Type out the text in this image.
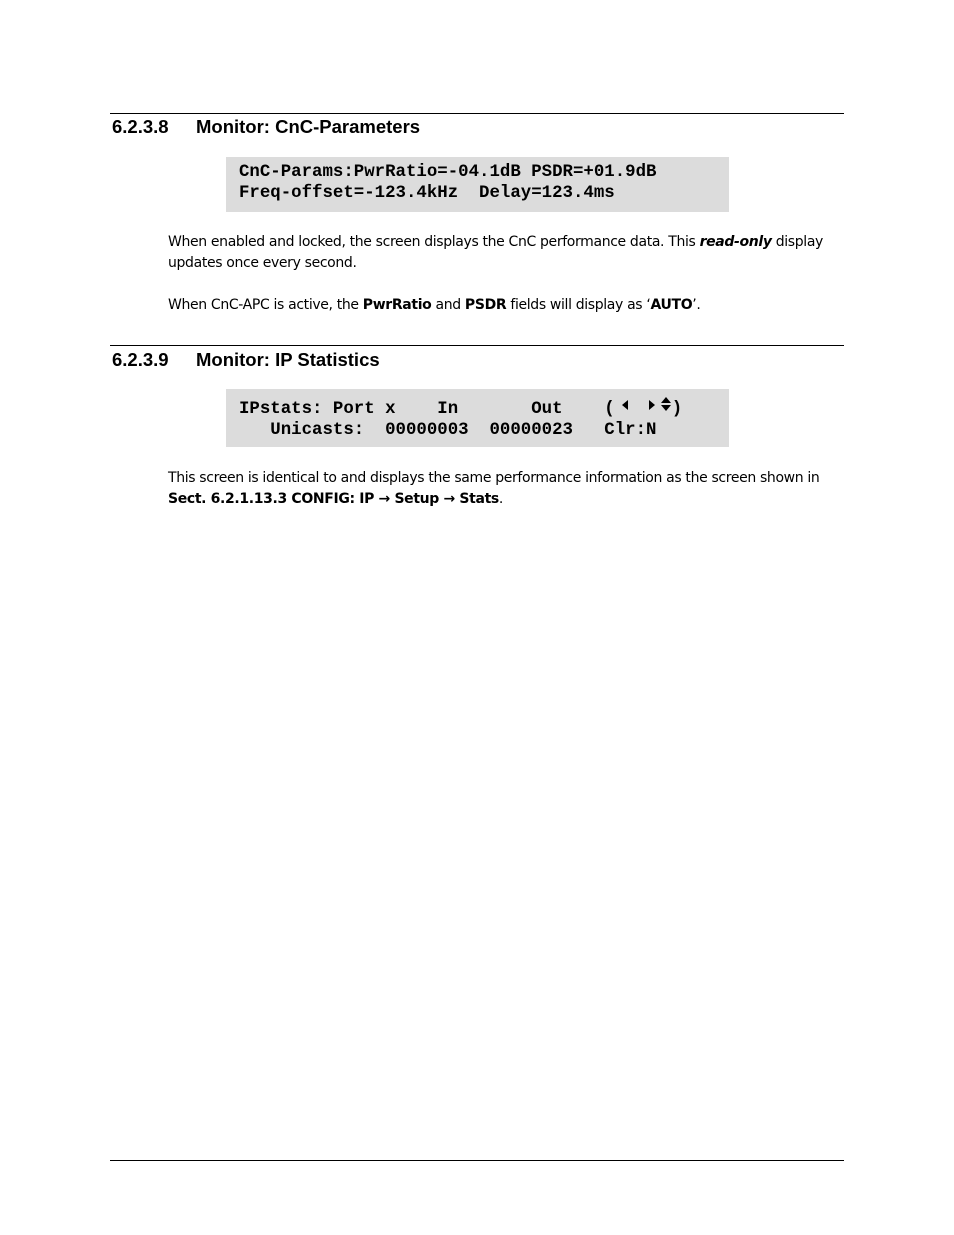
6.2.3.8 Monitor: CnC-Parameters
CnC-Params:PwrRatio=-04.1dB PSDR=+01.9dB
Freq-offset=-123.4kHz  Delay=123.4ms
When enabled and locked, the screen displays the CnC performance data. This read-only display updates once every second.
When CnC-APC is active, the PwrRatio and PSDR fields will display as ‘AUTO’.
6.2.3.9 Monitor: IP Statistics
IPstats: Port x    In       Out    (	)
Unicasts:  00000003  00000023   Clr:N
This screen is identical to and displays the same performance information as the screen shown in Sect. 6.2.1.13.3 CONFIG: IP → Setup → Stats.
